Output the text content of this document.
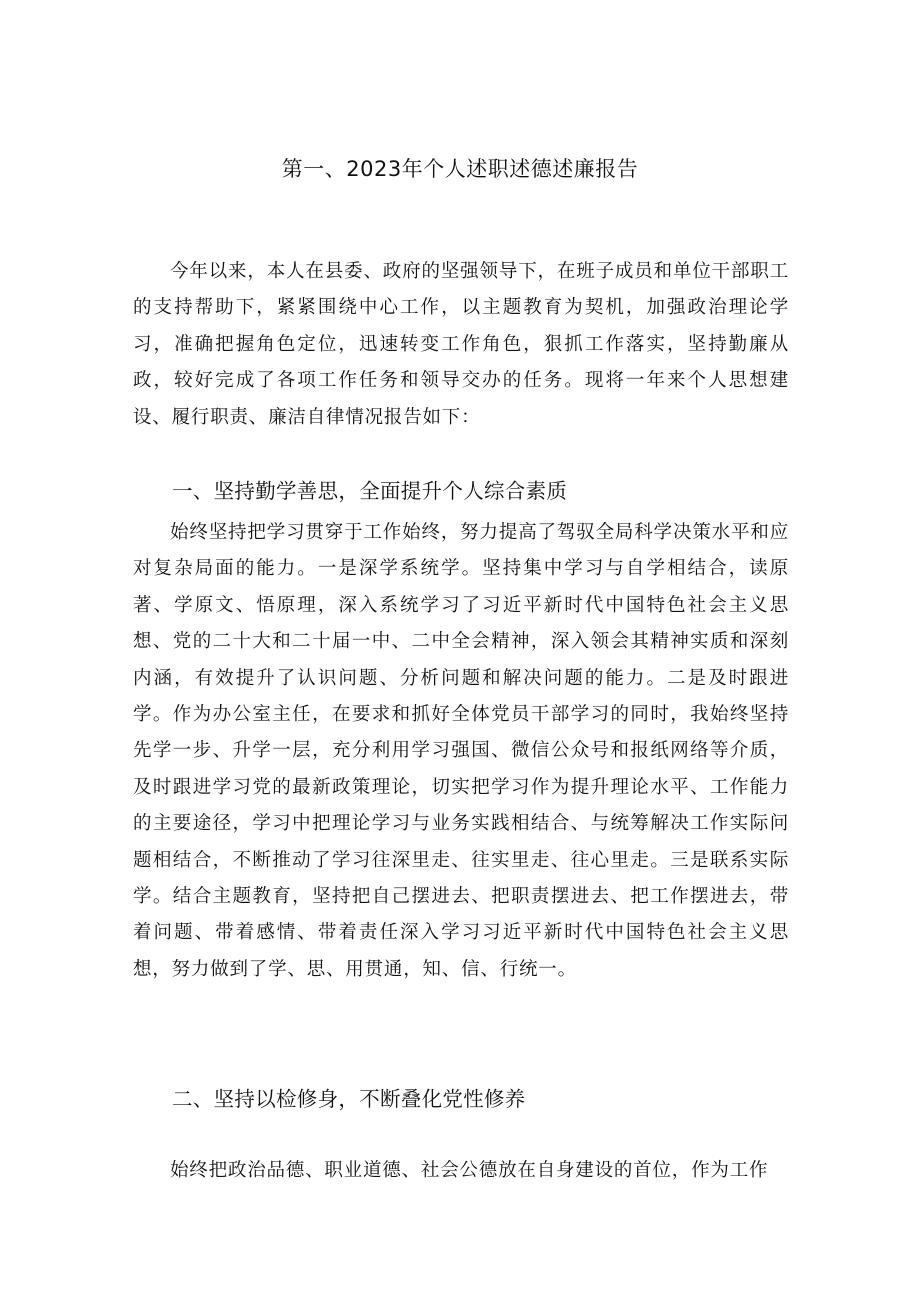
第一、2023年个人述职述德述廉报告

今年以来，本人在县委、政府的坚强领导下，在班子成员和单位干部职工的支持帮助下，紧紧围绕中心工作，以主题教育为契机，加强政治理论学习，准确把握角色定位，迅速转变工作角色，狠抓工作落实，坚持勤廉从政，较好完成了各项工作任务和领导交办的任务。现将一年来个人思想建设、履行职责、廉洁自律情况报告如下：

一、坚持勤学善思，全面提升个人综合素质

始终坚持把学习贯穿于工作始终，努力提高了驾驭全局科学决策水平和应对复杂局面的能力。一是深学系统学。坚持集中学习与自学相结合，读原著、学原文、悟原理，深入系统学习了习近平新时代中国特色社会主义思想、党的二十大和二十届一中、二中全会精神，深入领会其精神实质和深刻内涵，有效提升了认识问题、分析问题和解决问题的能力。二是及时跟进学。作为办公室主任，在要求和抓好全体党员干部学习的同时，我始终坚持先学一步、升学一层，充分利用学习强国、微信公众号和报纸网络等介质，及时跟进学习党的最新政策理论，切实把学习作为提升理论水平、工作能力的主要途径，学习中把理论学习与业务实践相结合、与统筹解决工作实际问题相结合，不断推动了学习往深里走、往实里走、往心里走。三是联系实际学。结合主题教育，坚持把自己摆进去、把职责摆进去、把工作摆进去，带着问题、带着感情、带着责任深入学习习近平新时代中国特色社会主义思想，努力做到了学、思、用贯通，知、信、行统一。

二、坚持以检修身，不断叠化党性修养

始终把政治品德、职业道德、社会公德放在自身建设的首位，作为工作
